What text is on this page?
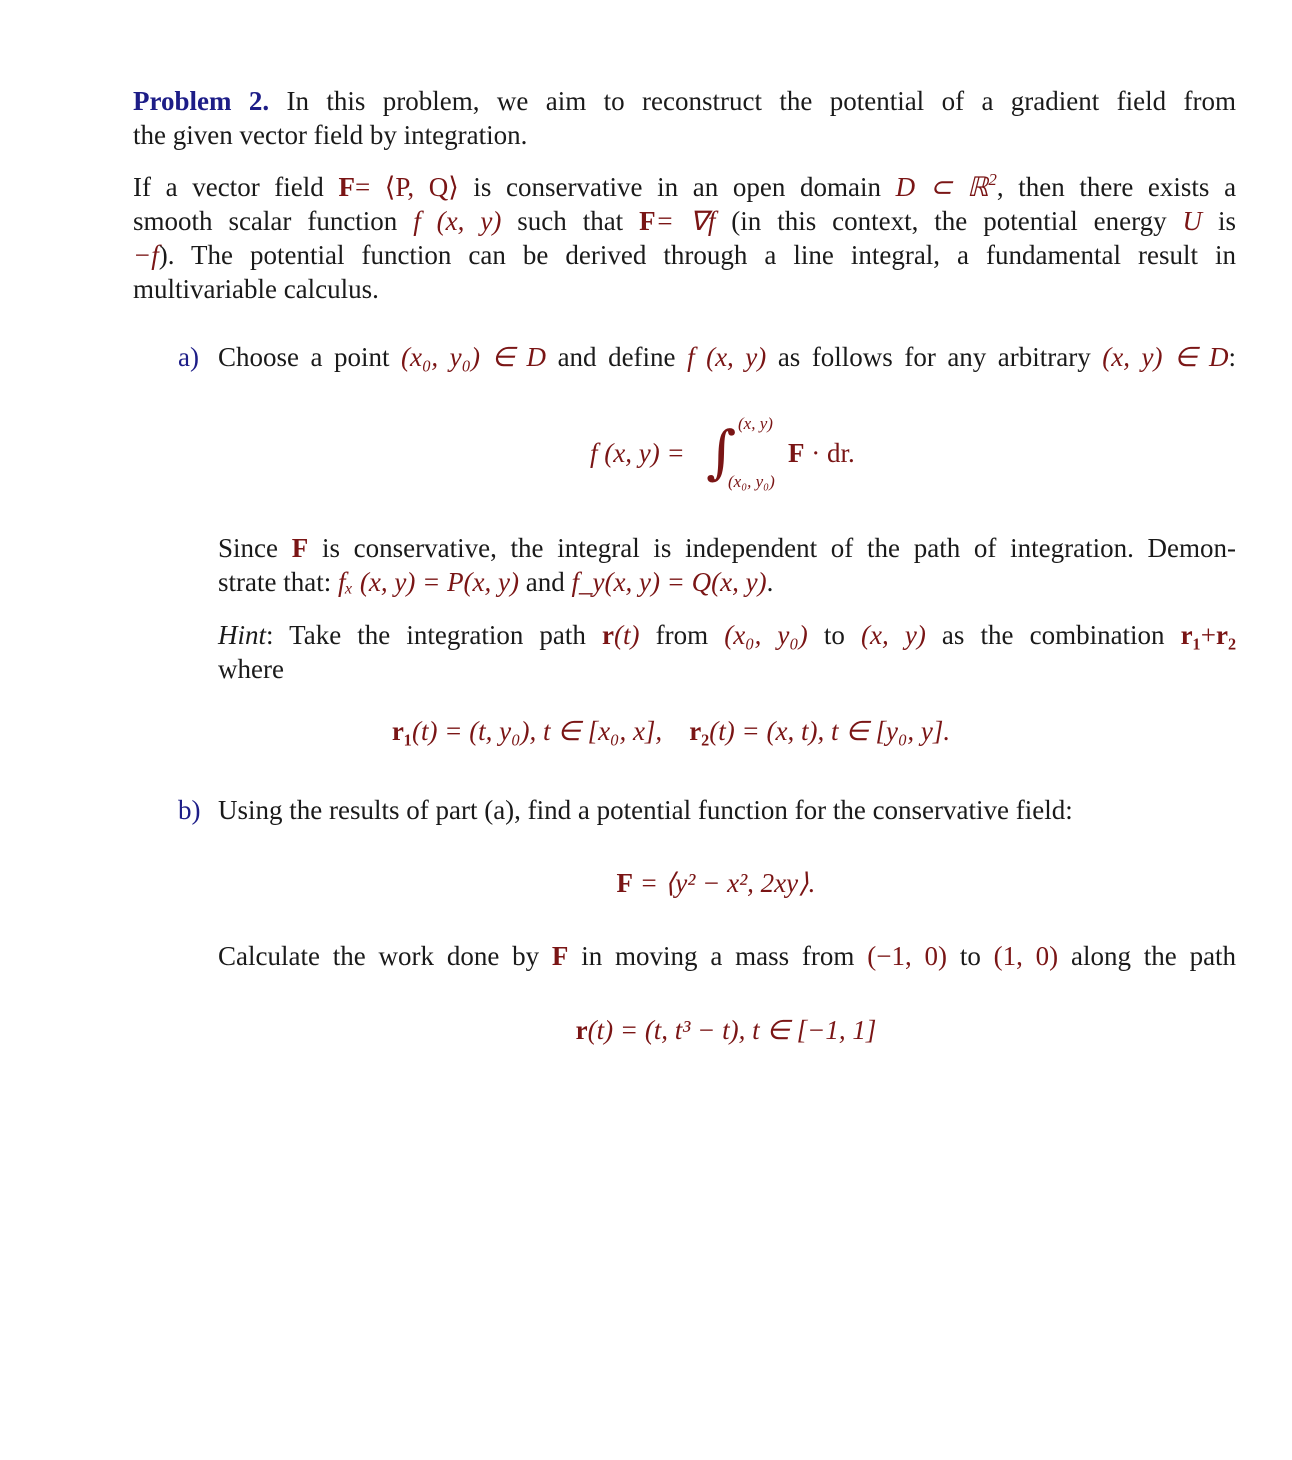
Problem 2. In this problem, we aim to reconstruct the potential of a gradient field from
the given vector field by integration.
If a vector field F= ⟨P, Q⟩ is conservative in an open domain D ⊂ ℝ$^2$, then there exists a
smooth scalar function f (x, y) such that F= ∇f (in this context, the potential energy U is
−f). The potential function can be derived through a line integral, a fundamental result in
multivariable calculus.
a) Choose a point (x₀, y₀) ∈ D and define f (x, y) as follows for any arbitrary (x, y) ∈ D:
f (x, y) = ∫ (x, y)
(x₀, y₀)
F · dr.
Since F is conservative, the integral is independent of the path of integration. Demon-
strate that: fₓ (x, y) = P(x, y) and f_y(x, y) = Q(x, y).
Hint: Take the integration path r(t) from (x₀, y₀) to (x, y) as the combination r₁+r₂
where
r₁(t) = (t, y₀), t ∈ [x₀, x], r₂(t) = (x, t), t ∈ [y₀, y].
b) Using the results of part (a), find a potential function for the conservative field:
F = ⟨y² − x², 2xy⟩.
Calculate the work done by F in moving a mass from (−1, 0) to (1, 0) along the path
r(t) = (t, t³ − t), t ∈ [−1, 1]
